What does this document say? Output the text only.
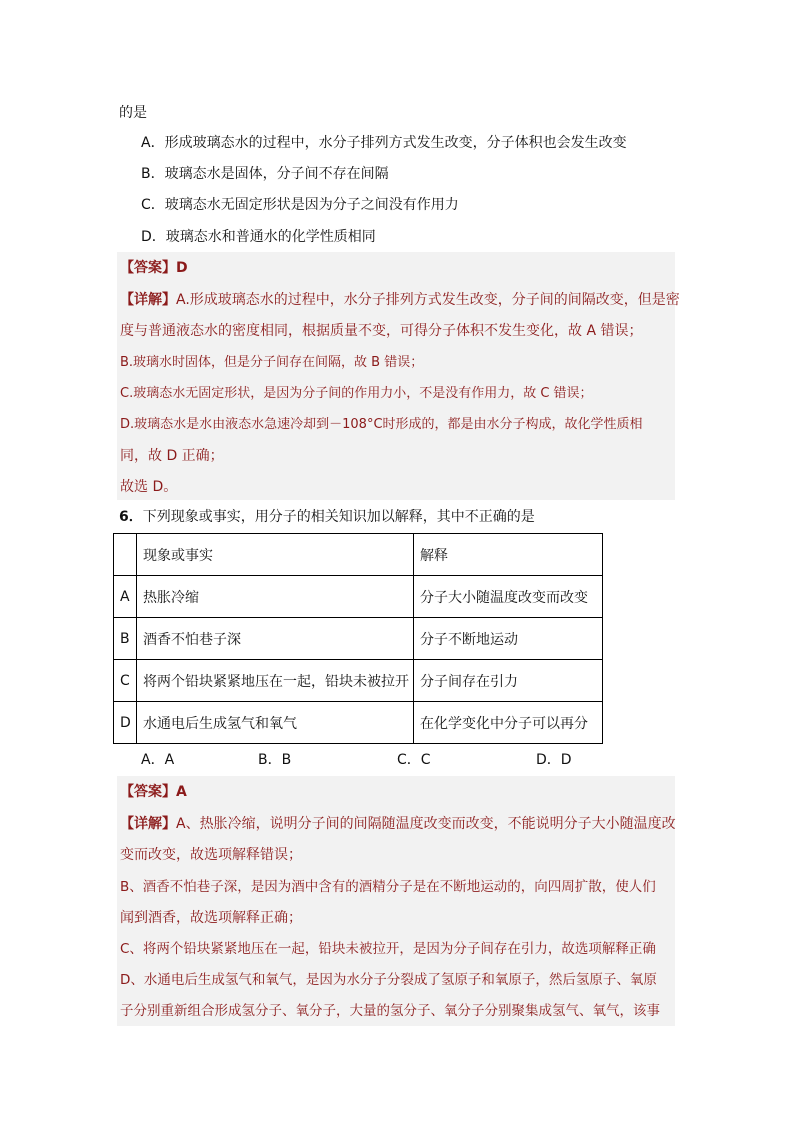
的是
A．形成玻璃态水的过程中，水分子排列方式发生改变，分子体积也会发生改变
B．玻璃态水是固体，分子间不存在间隔
C．玻璃态水无固定形状是因为分子之间没有作用力
D．玻璃态水和普通水的化学性质相同
【答案】D
【详解】A.形成玻璃态水的过程中，水分子排列方式发生改变，分子间的间隔改变，但是密
度与普通液态水的密度相同，根据质量不变，可得分子体积不发生变化，故 A 错误；
B.玻璃水时固体，但是分子间存在间隔，故 B 错误；
C.玻璃态水无固定形状，是因为分子间的作用力小，不是没有作用力，故 C 错误；
D.玻璃态水是水由液态水急速冷却到－108°C时形成的，都是由水分子构成，故化学性质相
同，故 D 正确；
故选 D。
6．下列现象或事实，用分子的相关知识加以解释，其中不正确的是
	现象或事实	解释
A	热胀冷缩	分子大小随温度改变而改变
B	酒香不怕巷子深	分子不断地运动
C	将两个铅块紧紧地压在一起，铅块未被拉开	分子间存在引力
D	水通电后生成氢气和氧气	在化学变化中分子可以再分
A．A	B．B	C．C	D．D
【答案】A
【详解】A、热胀冷缩，说明分子间的间隔随温度改变而改变，不能说明分子大小随温度改
变而改变，故选项解释错误；
B、酒香不怕巷子深，是因为酒中含有的酒精分子是在不断地运动的，向四周扩散，使人们
闻到酒香，故选项解释正确；
C、将两个铅块紧紧地压在一起，铅块未被拉开，是因为分子间存在引力，故选项解释正确
D、水通电后生成氢气和氧气，是因为水分子分裂成了氢原子和氧原子，然后氢原子、氧原
子分别重新组合形成氢分子、氧分子，大量的氢分子、氧分子分别聚集成氢气、氧气，该事
